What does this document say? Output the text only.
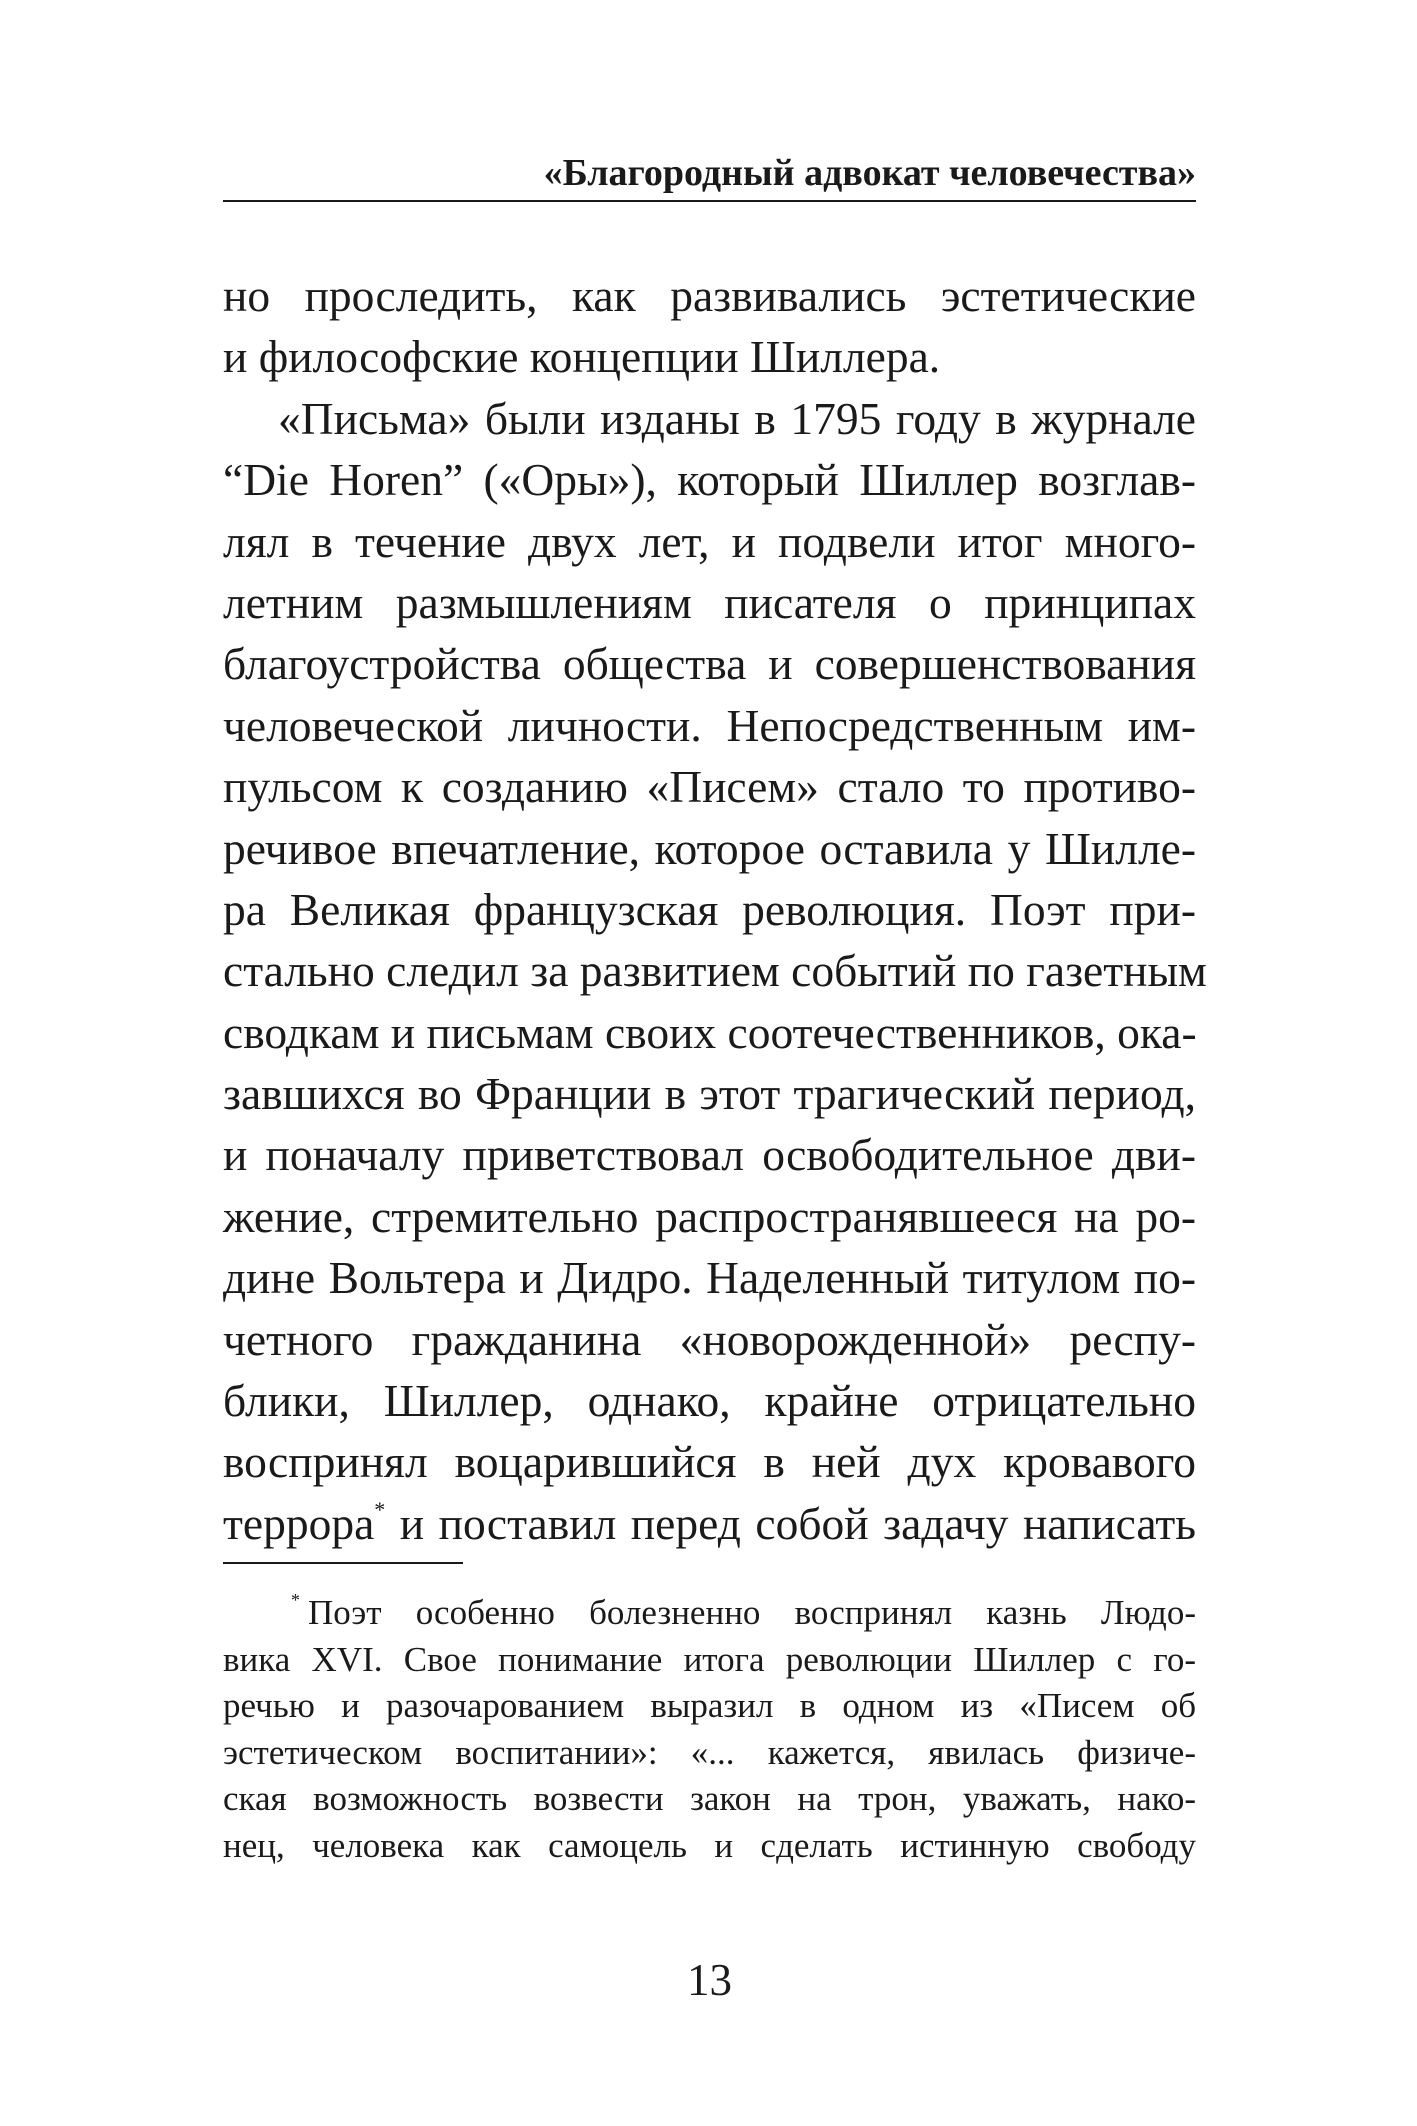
«Благородный адвокат человечества»
но проследить, как развивались эстетические
и философские концепции Шиллера.
«Письма» были изданы в 1795 году в журнале
“Die Horen” («Оры»), который Шиллер возглав-
лял в течение двух лет, и подвели итог много-
летним размышлениям писателя о принципах
благоустройства общества и совершенствования
человеческой личности. Непосредственным им-
пульсом к созданию «Писем» стало то противо-
речивое впечатление, которое оставила у Шилле-
ра Великая французская революция. Поэт при-
стально следил за развитием событий по газетным
сводкам и письмам своих соотечественников, ока-
завшихся во Франции в этот трагический период,
и поначалу приветствовал освободительное дви-
жение, стремительно распространявшееся на ро-
дине Вольтера и Дидро. Наделенный титулом по-
четного гражданина «новорожденной» респу-
блики, Шиллер, однако, крайне отрицательно
воспринял воцарившийся в ней дух кровавого
террора* и поставил перед собой задачу написать
* Поэт особенно болезненно воспринял казнь Людо-
вика XVI. Свое понимание итога революции Шиллер с го-
речью и разочарованием выразил в одном из «Писем об
эстетическом воспитании»: «... кажется, явилась физиче-
ская возможность возвести закон на трон, уважать, нако-
нец, человека как самоцель и сделать истинную свободу
13
